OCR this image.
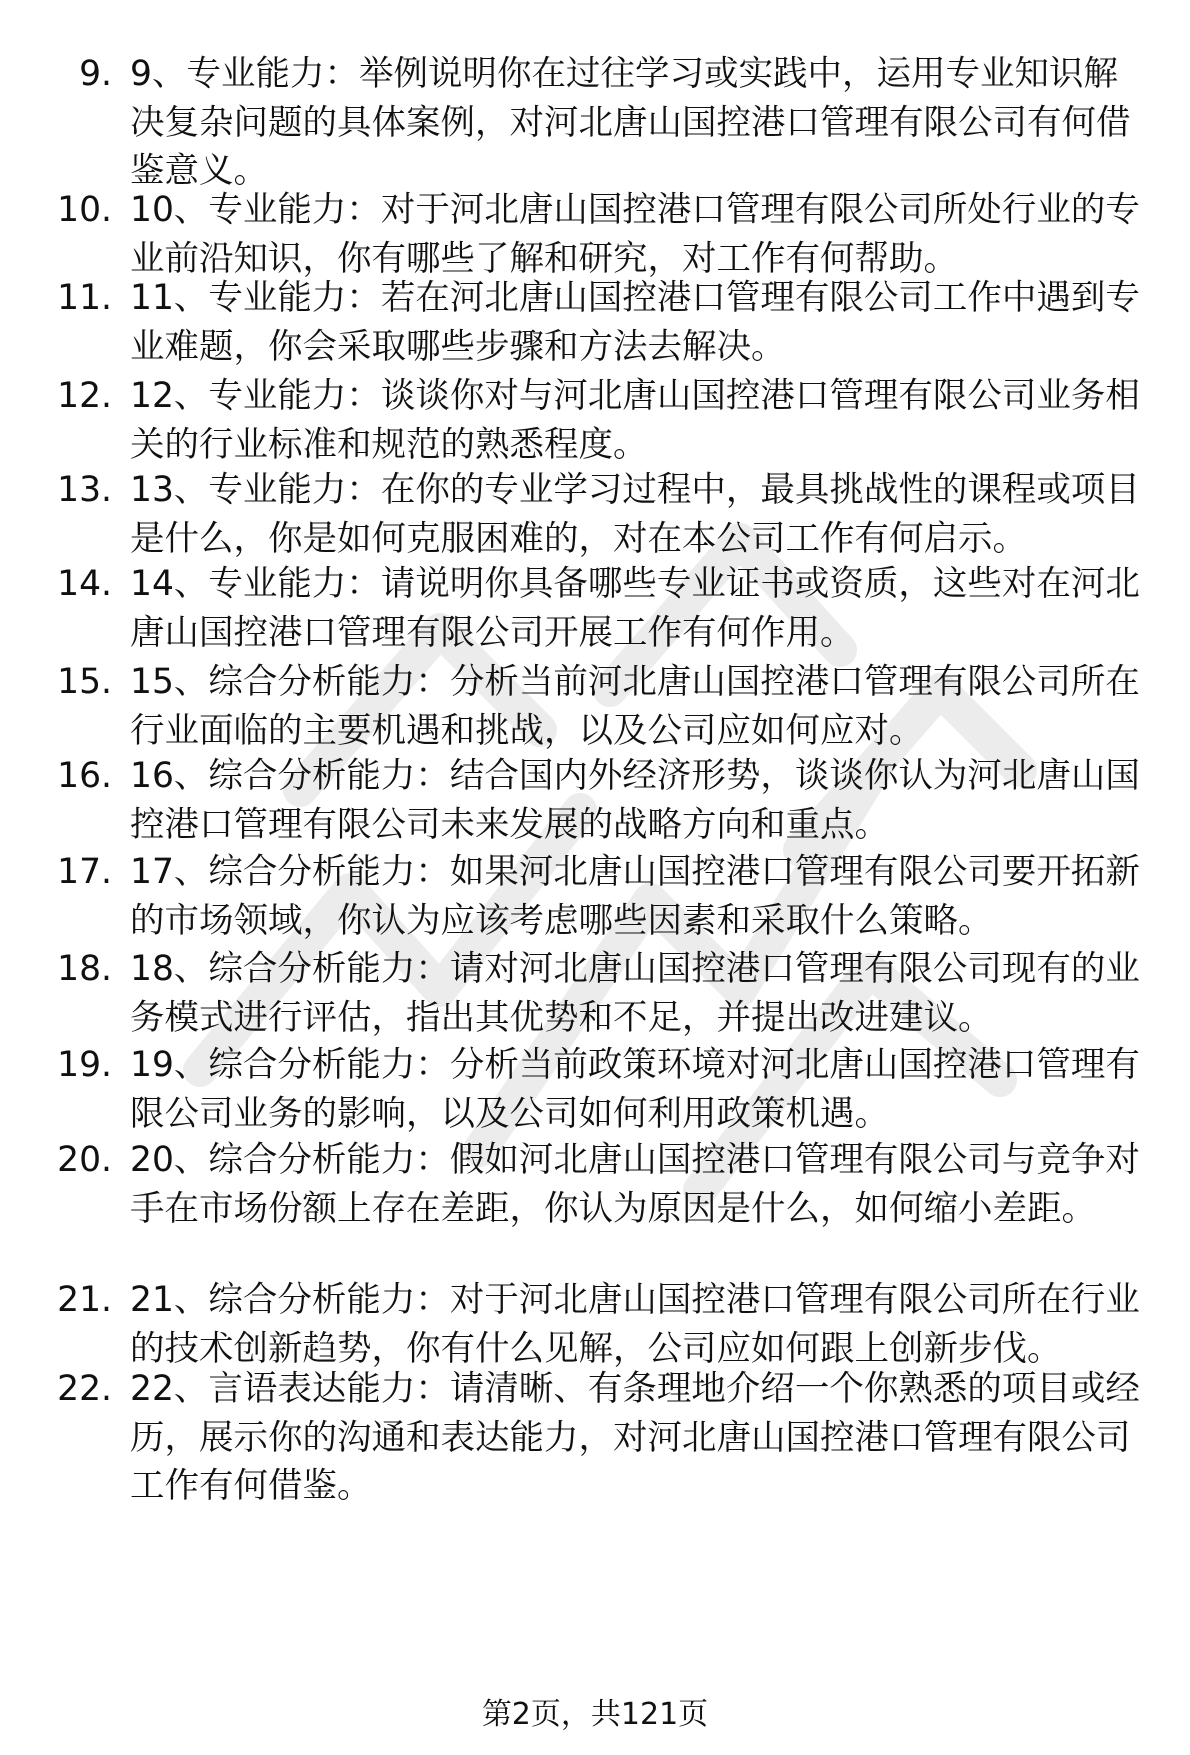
9. 9、专业能力：举例说明你在过往学习或实践中，运用专业知识解决复杂问题的具体案例，对河北唐山国控港口管理有限公司有何借鉴意义。
10. 10、专业能力：对于河北唐山国控港口管理有限公司所处行业的专业前沿知识，你有哪些了解和研究，对工作有何帮助。
11. 11、专业能力：若在河北唐山国控港口管理有限公司工作中遇到专业难题，你会采取哪些步骤和方法去解决。
12. 12、专业能力：谈谈你对与河北唐山国控港口管理有限公司业务相关的行业标准和规范的熟悉程度。
13. 13、专业能力：在你的专业学习过程中，最具挑战性的课程或项目是什么，你是如何克服困难的，对在本公司工作有何启示。
14. 14、专业能力：请说明你具备哪些专业证书或资质，这些对在河北唐山国控港口管理有限公司开展工作有何作用。
15. 15、综合分析能力：分析当前河北唐山国控港口管理有限公司所在行业面临的主要机遇和挑战，以及公司应如何应对。
16. 16、综合分析能力：结合国内外经济形势，谈谈你认为河北唐山国控港口管理有限公司未来发展的战略方向和重点。
17. 17、综合分析能力：如果河北唐山国控港口管理有限公司要开拓新的市场领域，你认为应该考虑哪些因素和采取什么策略。
18. 18、综合分析能力：请对河北唐山国控港口管理有限公司现有的业务模式进行评估，指出其优势和不足，并提出改进建议。
19. 19、综合分析能力：分析当前政策环境对河北唐山国控港口管理有限公司业务的影响，以及公司如何利用政策机遇。
20. 20、综合分析能力：假如河北唐山国控港口管理有限公司与竞争对手在市场份额上存在差距，你认为原因是什么，如何缩小差距。
21. 21、综合分析能力：对于河北唐山国控港口管理有限公司所在行业的技术创新趋势，你有什么见解，公司应如何跟上创新步伐。
22. 22、言语表达能力：请清晰、有条理地介绍一个你熟悉的项目或经历，展示你的沟通和表达能力，对河北唐山国控港口管理有限公司工作有何借鉴。
第2页，共121页
